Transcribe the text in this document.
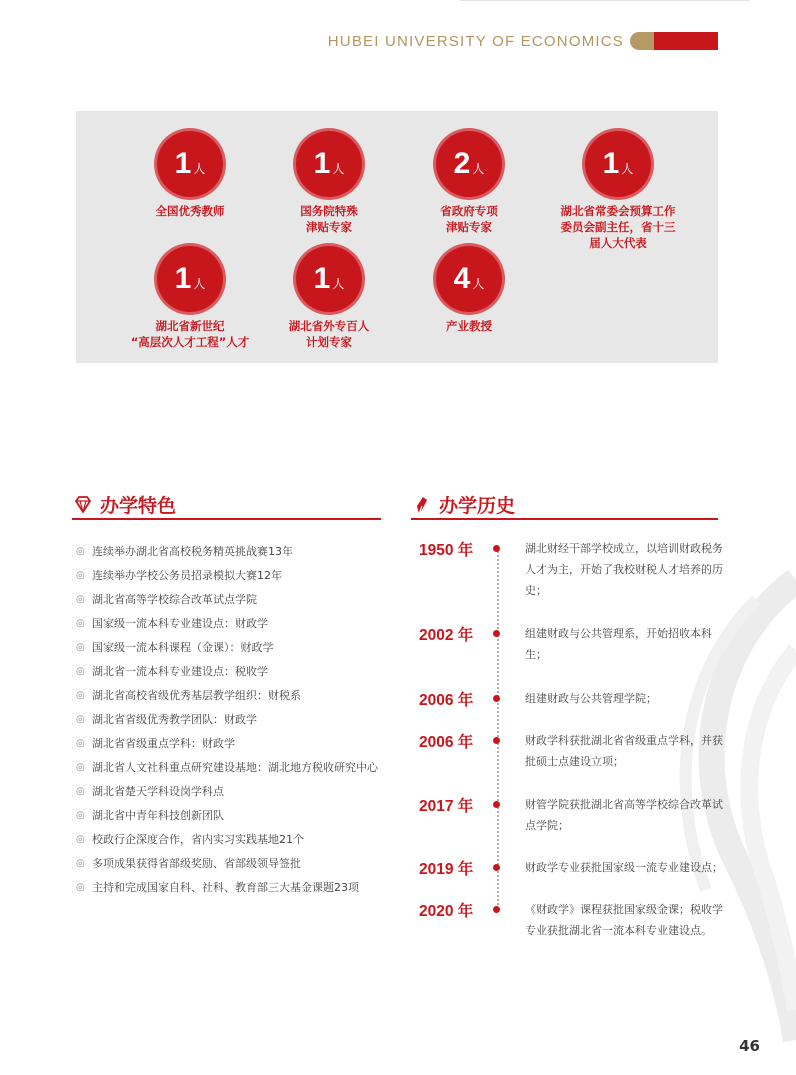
HUBEI UNIVERSITY OF ECONOMICS
1 人
全国优秀教师
1 人
国务院特殊
津贴专家
2 人
省政府专项
津贴专家
1 人
湖北省常委会预算工作
委员会副主任，省十三
届人大代表
1 人
湖北省新世纪
“高层次人才工程”人才
1 人
湖北省外专百人
计划专家
4 人
产业教授
办学特色
◎ 连续举办湖北省高校税务精英挑战赛13年
◎ 连续举办学校公务员招录模拟大赛12年
◎ 湖北省高等学校综合改革试点学院
◎ 国家级一流本科专业建设点：财政学
◎ 国家级一流本科课程（金课）：财政学
◎ 湖北省一流本科专业建设点：税收学
◎ 湖北省高校省级优秀基层教学组织：财税系
◎ 湖北省省级优秀教学团队：财政学
◎ 湖北省省级重点学科：财政学
◎ 湖北省人文社科重点研究建设基地：湖北地方税收研究中心
◎ 湖北省楚天学科设岗学科点
◎ 湖北省中青年科技创新团队
◎ 校政行企深度合作，省内实习实践基地21个
◎ 多项成果获得省部级奖励、省部级领导签批
◎ 主持和完成国家自科、社科、教育部三大基金课题23项
办学历史
1950 年	湖北财经干部学校成立，以培训财政税务人才为主，开始了我校财税人才培养的历史；
2002 年	组建财政与公共管理系，开始招收本科生；
2006 年	组建财政与公共管理学院；
2006 年	财政学科获批湖北省省级重点学科，并获批硕士点建设立项；
2017 年	财管学院获批湖北省高等学校综合改革试点学院；
2019 年	财政学专业获批国家级一流专业建设点；
2020 年	《财政学》课程获批国家级金课；税收学专业获批湖北省一流本科专业建设点。
46
